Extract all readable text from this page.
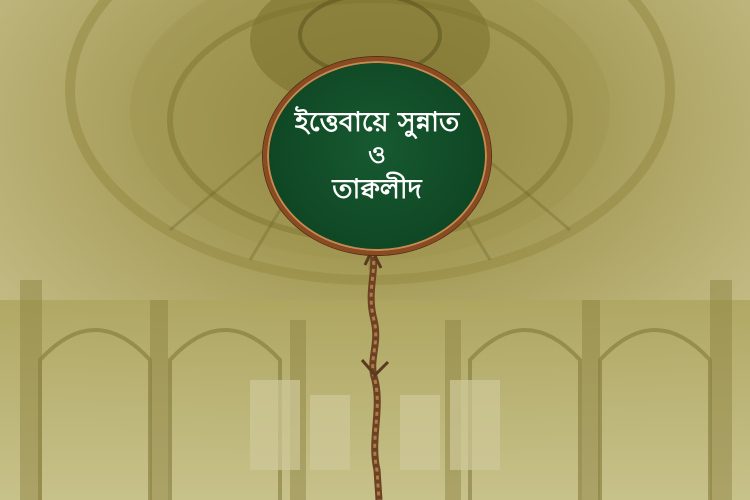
ইত্তেবায়ে সুন্নাত
ও
তাক্বলীদ
